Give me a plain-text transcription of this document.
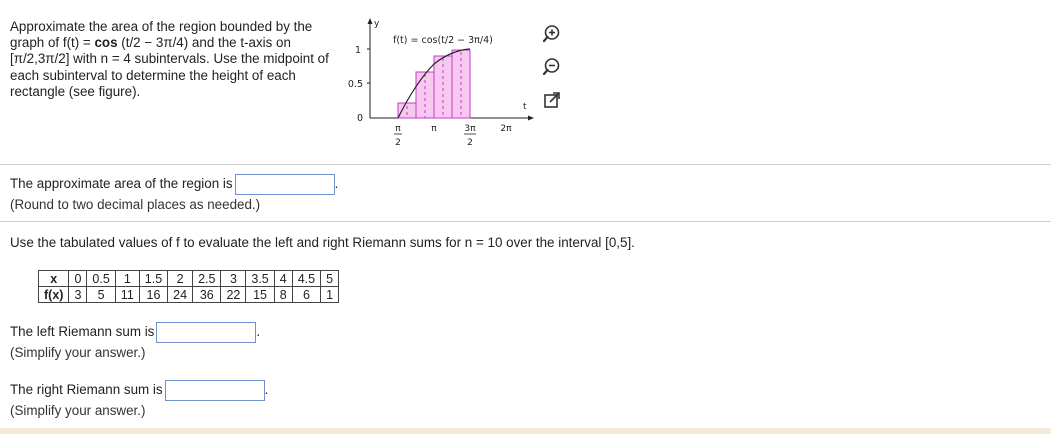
Approximate the area of the region bounded by the graph of f(t) = cos (t/2 − 3π/4) and the t-axis on [π/2,3π/2] with n = 4 subintervals. Use the midpoint of each subinterval to determine the height of each rectangle (see figure).
y
t
1
0.5
0
f(t) = cos(t/2 − 3π/4)
π
2
π	3π
2
2π
The approximate area of the region is	.
(Round to two decimal places as needed.)
Use the tabulated values of f to evaluate the left and right Riemann sums for n = 10 over the interval [0,5].
x	0	0.5	1	1.5	2	2.5	3	3.5	4	4.5	5
f(x)	3	5	11	16	24	36	22	15	8	6	1
The left Riemann sum is	.
(Simplify your answer.)
The right Riemann sum is	.
(Simplify your answer.)
